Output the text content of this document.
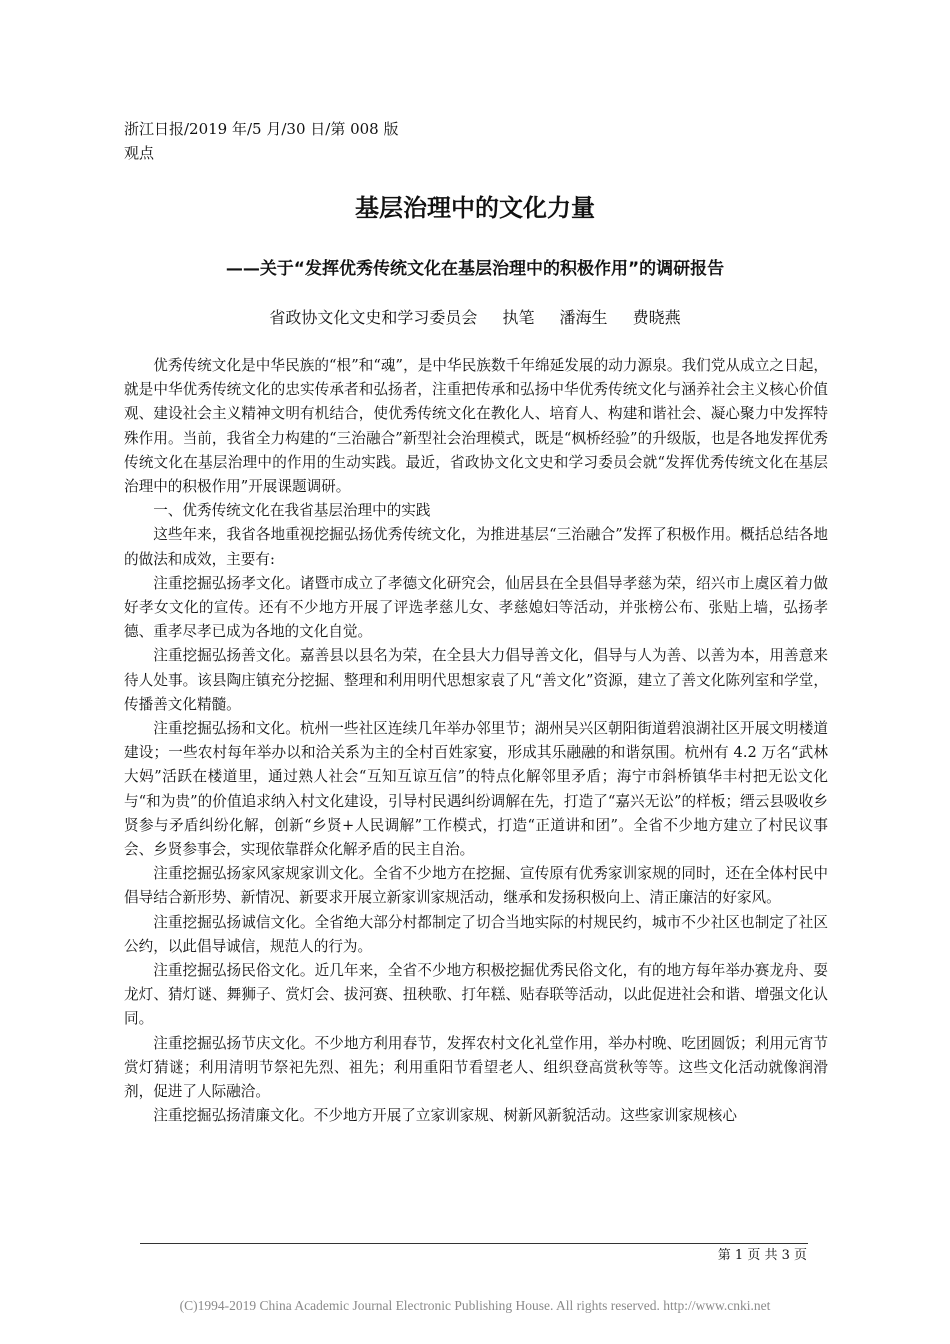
浙江日报/2019 年/5 月/30 日/第 008 版
观点
基层治理中的文化力量
——关于“发挥优秀传统文化在基层治理中的积极作用”的调研报告
省政协文化文史和学习委员会 执笔 潘海生 费晓燕

优秀传统文化是中华民族的“根”和“魂”，是中华民族数千年绵延发展的动力源泉。我们党从成立之日起，就是中华优秀传统文化的忠实传承者和弘扬者，注重把传承和弘扬中华优秀传统文化与涵养社会主义核心价值观、建设社会主义精神文明有机结合，使优秀传统文化在教化人、培育人、构建和谐社会、凝心聚力中发挥特殊作用。当前，我省全力构建的“三治融合”新型社会治理模式，既是“枫桥经验”的升级版，也是各地发挥优秀传统文化在基层治理中的作用的生动实践。最近，省政协文化文史和学习委员会就“发挥优秀传统文化在基层治理中的积极作用”开展课题调研。

一、优秀传统文化在我省基层治理中的实践

这些年来，我省各地重视挖掘弘扬优秀传统文化，为推进基层“三治融合”发挥了积极作用。概括总结各地的做法和成效，主要有:

注重挖掘弘扬孝文化。诸暨市成立了孝德文化研究会，仙居县在全县倡导孝慈为荣，绍兴市上虞区着力做好孝女文化的宣传。还有不少地方开展了评选孝慈儿女、孝慈媳妇等活动，并张榜公布、张贴上墙，弘扬孝德、重孝尽孝已成为各地的文化自觉。

注重挖掘弘扬善文化。嘉善县以县名为荣，在全县大力倡导善文化，倡导与人为善、以善为本，用善意来待人处事。该县陶庄镇充分挖掘、整理和利用明代思想家袁了凡“善文化”资源，建立了善文化陈列室和学堂，传播善文化精髓。

注重挖掘弘扬和文化。杭州一些社区连续几年举办邻里节；湖州吴兴区朝阳街道碧浪湖社区开展文明楼道建设；一些农村每年举办以和洽关系为主的全村百姓家宴，形成其乐融融的和谐氛围。杭州有 4.2 万名“武林大妈”活跃在楼道里，通过熟人社会“互知互谅互信”的特点化解邻里矛盾；海宁市斜桥镇华丰村把无讼文化与“和为贵”的价值追求纳入村文化建设，引导村民遇纠纷调解在先，打造了“嘉兴无讼”的样板；缙云县吸收乡贤参与矛盾纠纷化解，创新“乡贤+人民调解”工作模式，打造“正道讲和团”。全省不少地方建立了村民议事会、乡贤参事会，实现依靠群众化解矛盾的民主自治。

注重挖掘弘扬家风家规家训文化。全省不少地方在挖掘、宣传原有优秀家训家规的同时，还在全体村民中倡导结合新形势、新情况、新要求开展立新家训家规活动，继承和发扬积极向上、清正廉洁的好家风。

注重挖掘弘扬诚信文化。全省绝大部分村都制定了切合当地实际的村规民约，城市不少社区也制定了社区公约，以此倡导诚信，规范人的行为。

注重挖掘弘扬民俗文化。近几年来，全省不少地方积极挖掘优秀民俗文化，有的地方每年举办赛龙舟、耍龙灯、猜灯谜、舞狮子、赏灯会、拔河赛、扭秧歌、打年糕、贴春联等活动，以此促进社会和谐、增强文化认同。

注重挖掘弘扬节庆文化。不少地方利用春节，发挥农村文化礼堂作用，举办村晚、吃团圆饭；利用元宵节赏灯猜谜；利用清明节祭祀先烈、祖先；利用重阳节看望老人、组织登高赏秋等等。这些文化活动就像润滑剂，促进了人际融洽。

注重挖掘弘扬清廉文化。不少地方开展了立家训家规、树新风新貌活动。这些家训家规核心

第 1 页 共 3 页
(C)1994-2019 China Academic Journal Electronic Publishing House. All rights reserved. http://www.cnki.net
